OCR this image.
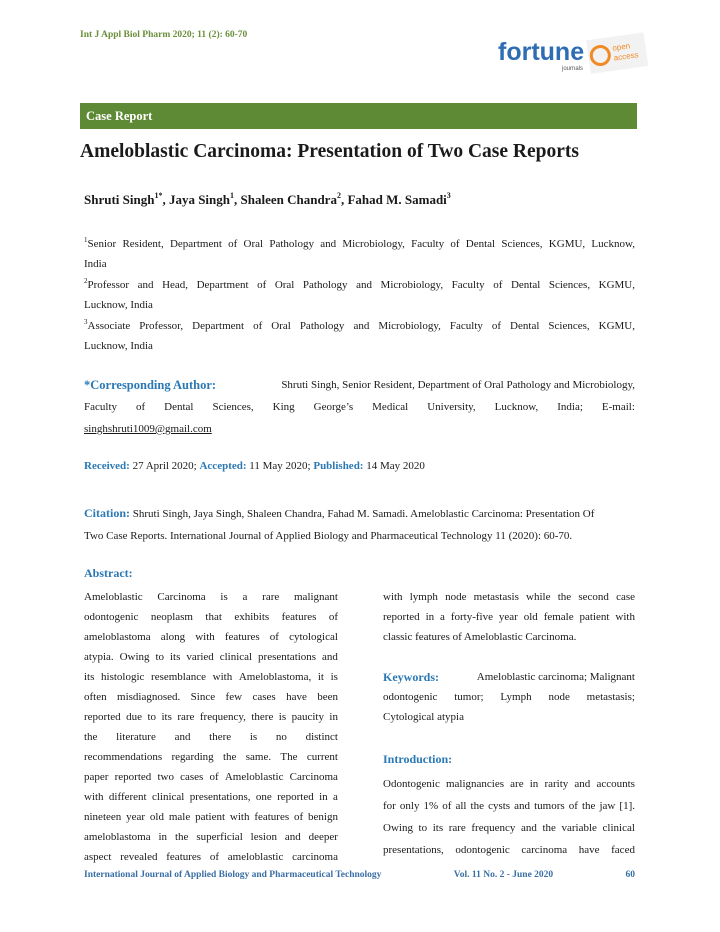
Int J Appl Biol Pharm 2020; 11 (2): 60-70
fortune
journals
open
access
Case Report
Ameloblastic Carcinoma: Presentation of Two Case Reports
Shruti Singh$^{1*}$, Jaya Singh$^1$, Shaleen Chandra$^2$, Fahad M. Samadi$^3$
$^1$Senior Resident, Department of Oral Pathology and Microbiology, Faculty of Dental Sciences, KGMU, Lucknow,
India
$^2$Professor and Head, Department of Oral Pathology and Microbiology, Faculty of Dental Sciences, KGMU,
Lucknow, India
$^3$Associate Professor, Department of Oral Pathology and Microbiology, Faculty of Dental Sciences, KGMU,
Lucknow, India
*Corresponding Author:	Shruti Singh, Senior Resident, Department of Oral Pathology and Microbiology,
Faculty of Dental Sciences, King George’s Medical University, Lucknow, India; E-mail:
singhshruti1009@gmail.com
Received: 27 April 2020; Accepted: 11 May 2020; Published: 14 May 2020
Citation: Shruti Singh, Jaya Singh, Shaleen Chandra, Fahad M. Samadi. Ameloblastic Carcinoma: Presentation Of
Two Case Reports. International Journal of Applied Biology and Pharmaceutical Technology 11 (2020): 60-70.
Abstract:
Ameloblastic Carcinoma is a rare malignant
odontogenic neoplasm that exhibits features of
ameloblastoma along with features of cytological
atypia. Owing to its varied clinical presentations and
its histologic resemblance with Ameloblastoma, it is
often misdiagnosed. Since few cases have been
reported due to its rare frequency, there is paucity in
the literature and there is no distinct
recommendations regarding the same. The current
paper reported two cases of Ameloblastic Carcinoma
with different clinical presentations, one reported in a
nineteen year old male patient with features of benign
ameloblastoma in the superficial lesion and deeper
aspect revealed features of ameloblastic carcinoma
with lymph node metastasis while the second case
reported in a forty-five year old female patient with
classic features of Ameloblastic Carcinoma.
Keywords:	Ameloblastic carcinoma; Malignant
odontogenic tumor; Lymph node metastasis;
Cytological atypia
Introduction:
Odontogenic malignancies are in rarity and accounts
for only 1% of all the cysts and tumors of the jaw [1].
Owing to its rare frequency and the variable clinical
presentations, odontogenic carcinoma have faced
International Journal of Applied Biology and Pharmaceutical Technology	Vol. 11 No. 2 - June 2020	60
